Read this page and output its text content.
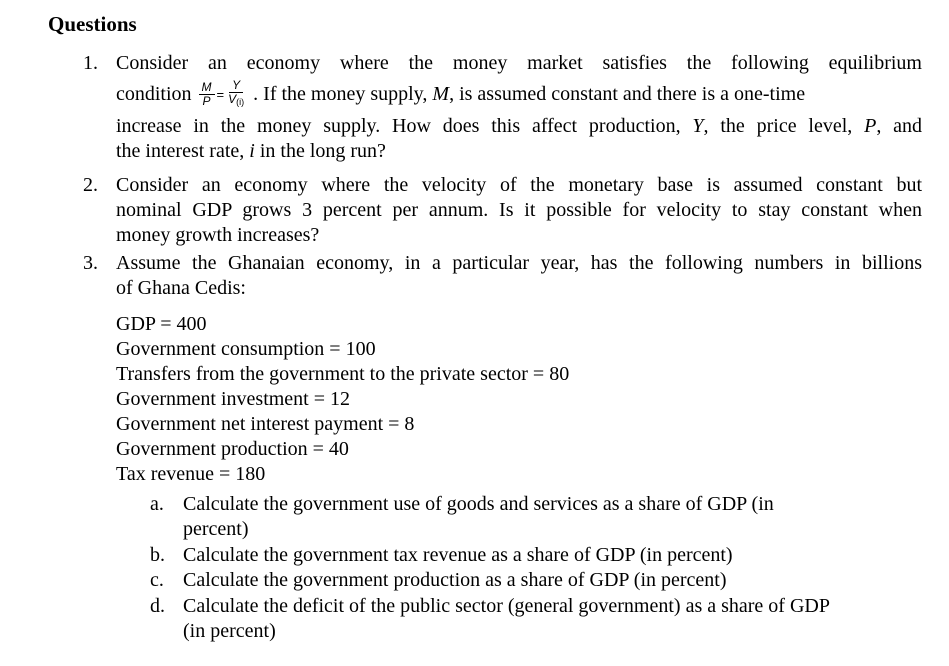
Questions
1. Consider an economy where the money market satisfies the following equilibrium
condition $\frac{M}{P} = \frac{Y}{V_{(i)}}$ . If the money supply, M, is assumed constant and there is a one-time
increase in the money supply. How does this affect production, Y, the price level, P, and
the interest rate, i in the long run?
2. Consider an economy where the velocity of the monetary base is assumed constant but
nominal GDP grows 3 percent per annum. Is it possible for velocity to stay constant when
money growth increases?
3. Assume the Ghanaian economy, in a particular year, has the following numbers in billions
of Ghana Cedis:
GDP = 400
Government consumption = 100
Transfers from the government to the private sector = 80
Government investment = 12
Government net interest payment = 8
Government production = 40
Tax revenue = 180
a. Calculate the government use of goods and services as a share of GDP (in
percent)
b. Calculate the government tax revenue as a share of GDP (in percent)
c. Calculate the government production as a share of GDP (in percent)
d. Calculate the deficit of the public sector (general government) as a share of GDP
(in percent)
